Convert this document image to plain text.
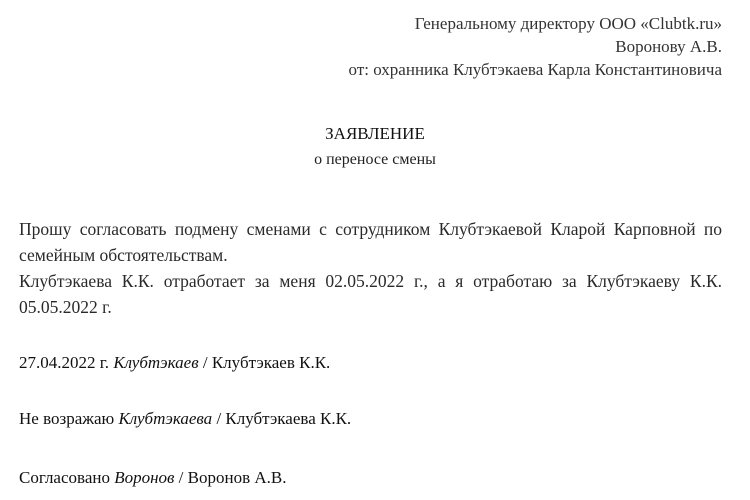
Генеральному директору ООО «Clubtk.ru»
Воронову А.В.
от: охранника Клубтэкаева Карла Константиновича
ЗАЯВЛЕНИЕ
о переносе смены

Прошу согласовать подмену сменами с сотрудником Клубтэкаевой Кларой Карповной по семейным обстоятельствам.

Клубтэкаева К.К. отработает за меня 02.05.2022 г., а я отработаю за Клубтэкаеву К.К. 05.05.2022 г.

27.04.2022 г. Клубтэкаев / Клубтэкаев К.К.
Не возражаю Клубтэкаева / Клубтэкаева К.К.
Согласовано Воронов / Воронов А.В.
